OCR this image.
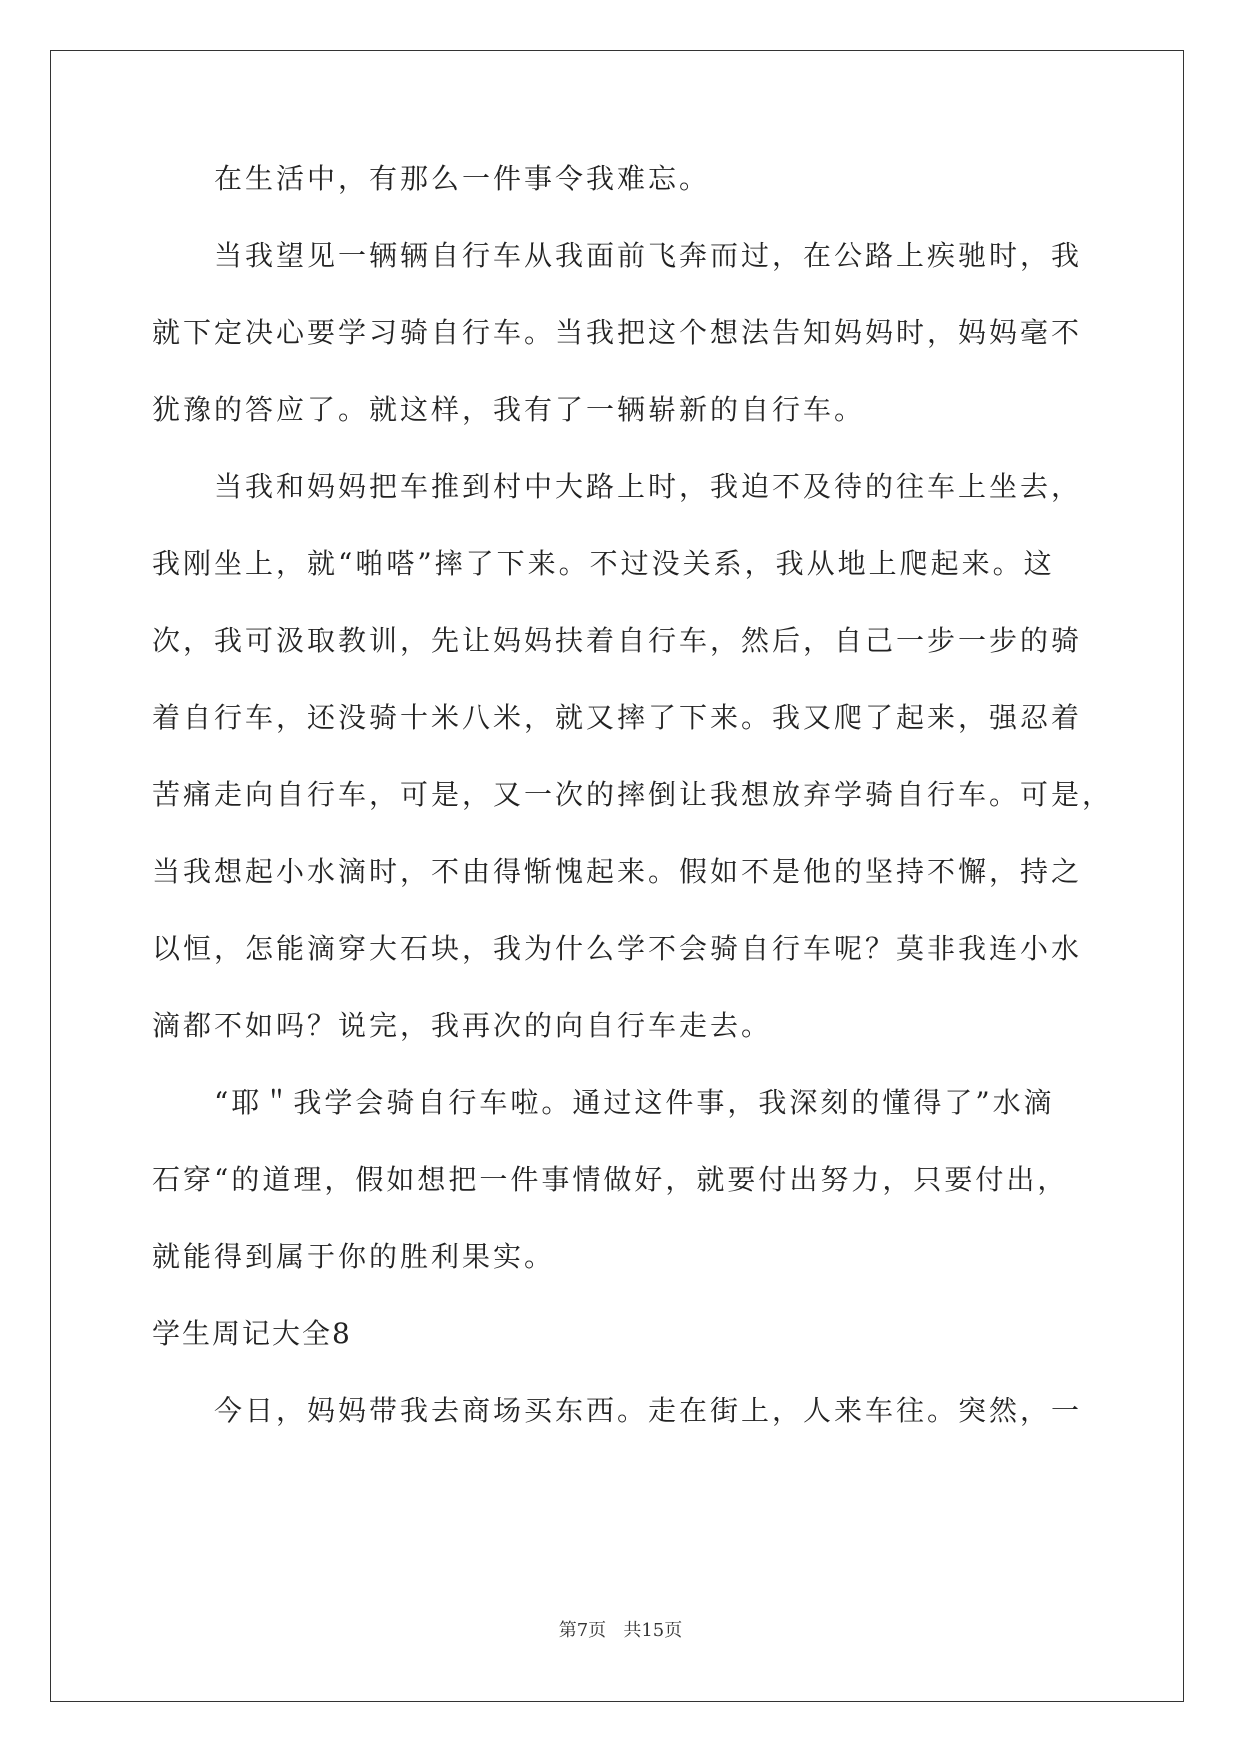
在生活中，有那么一件事令我难忘。
当我望见一辆辆自行车从我面前飞奔而过，在公路上疾驰时，我
就下定决心要学习骑自行车。当我把这个想法告知妈妈时，妈妈毫不
犹豫的答应了。就这样，我有了一辆崭新的自行车。
当我和妈妈把车推到村中大路上时，我迫不及待的往车上坐去，
我刚坐上，就“啪嗒”摔了下来。不过没关系，我从地上爬起来。这
次，我可汲取教训，先让妈妈扶着自行车，然后，自己一步一步的骑
着自行车，还没骑十米八米，就又摔了下来。我又爬了起来，强忍着
苦痛走向自行车，可是，又一次的摔倒让我想放弃学骑自行车。可是，
当我想起小水滴时，不由得惭愧起来。假如不是他的坚持不懈，持之
以恒，怎能滴穿大石块，我为什么学不会骑自行车呢？莫非我连小水
滴都不如吗？说完，我再次的向自行车走去。
“耶＂我学会骑自行车啦。通过这件事，我深刻的懂得了”水滴
石穿“的道理，假如想把一件事情做好，就要付出努力，只要付出，
就能得到属于你的胜利果实。
学生周记大全8
今日，妈妈带我去商场买东西。走在街上，人来车往。突然，一
第7页 共15页
